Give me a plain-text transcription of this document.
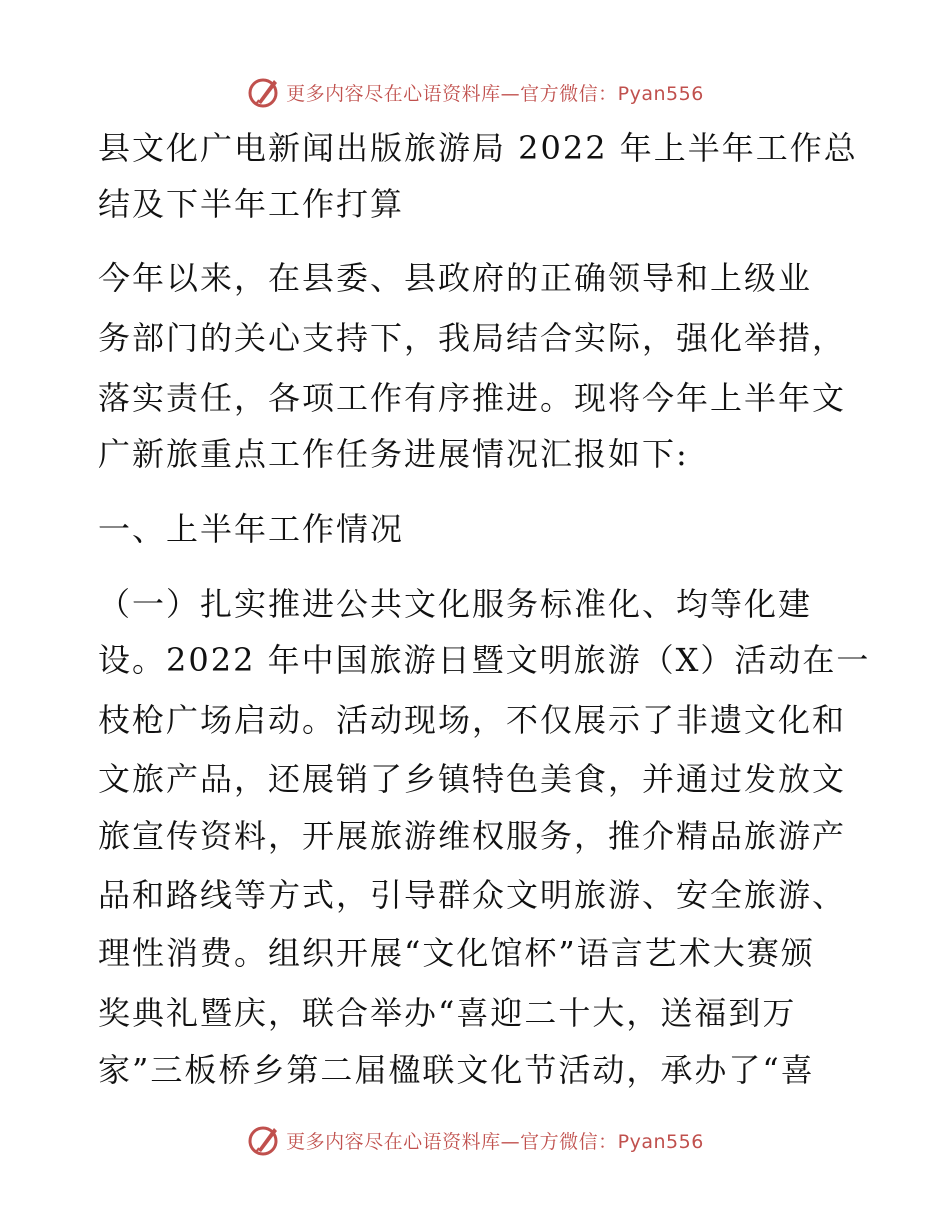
更多内容尽在心语资料库—官方微信：Pyan556
县文化广电新闻出版旅游局 2022 年上半年工作总
结及下半年工作打算
今年以来，在县委、县政府的正确领导和上级业
务部门的关心支持下，我局结合实际，强化举措，
落实责任，各项工作有序推进。现将今年上半年文
广新旅重点工作任务进展情况汇报如下:
一、上半年工作情况
（一）扎实推进公共文化服务标准化、均等化建
设。2022 年中国旅游日暨文明旅游（X）活动在一
枝枪广场启动。活动现场，不仅展示了非遗文化和
文旅产品，还展销了乡镇特色美食，并通过发放文
旅宣传资料，开展旅游维权服务，推介精品旅游产
品和路线等方式，引导群众文明旅游、安全旅游、
理性消费。组织开展“文化馆杯”语言艺术大赛颁
奖典礼暨庆，联合举办“喜迎二十大，送福到万
家”三板桥乡第二届楹联文化节活动，承办了“喜
更多内容尽在心语资料库—官方微信：Pyan556
